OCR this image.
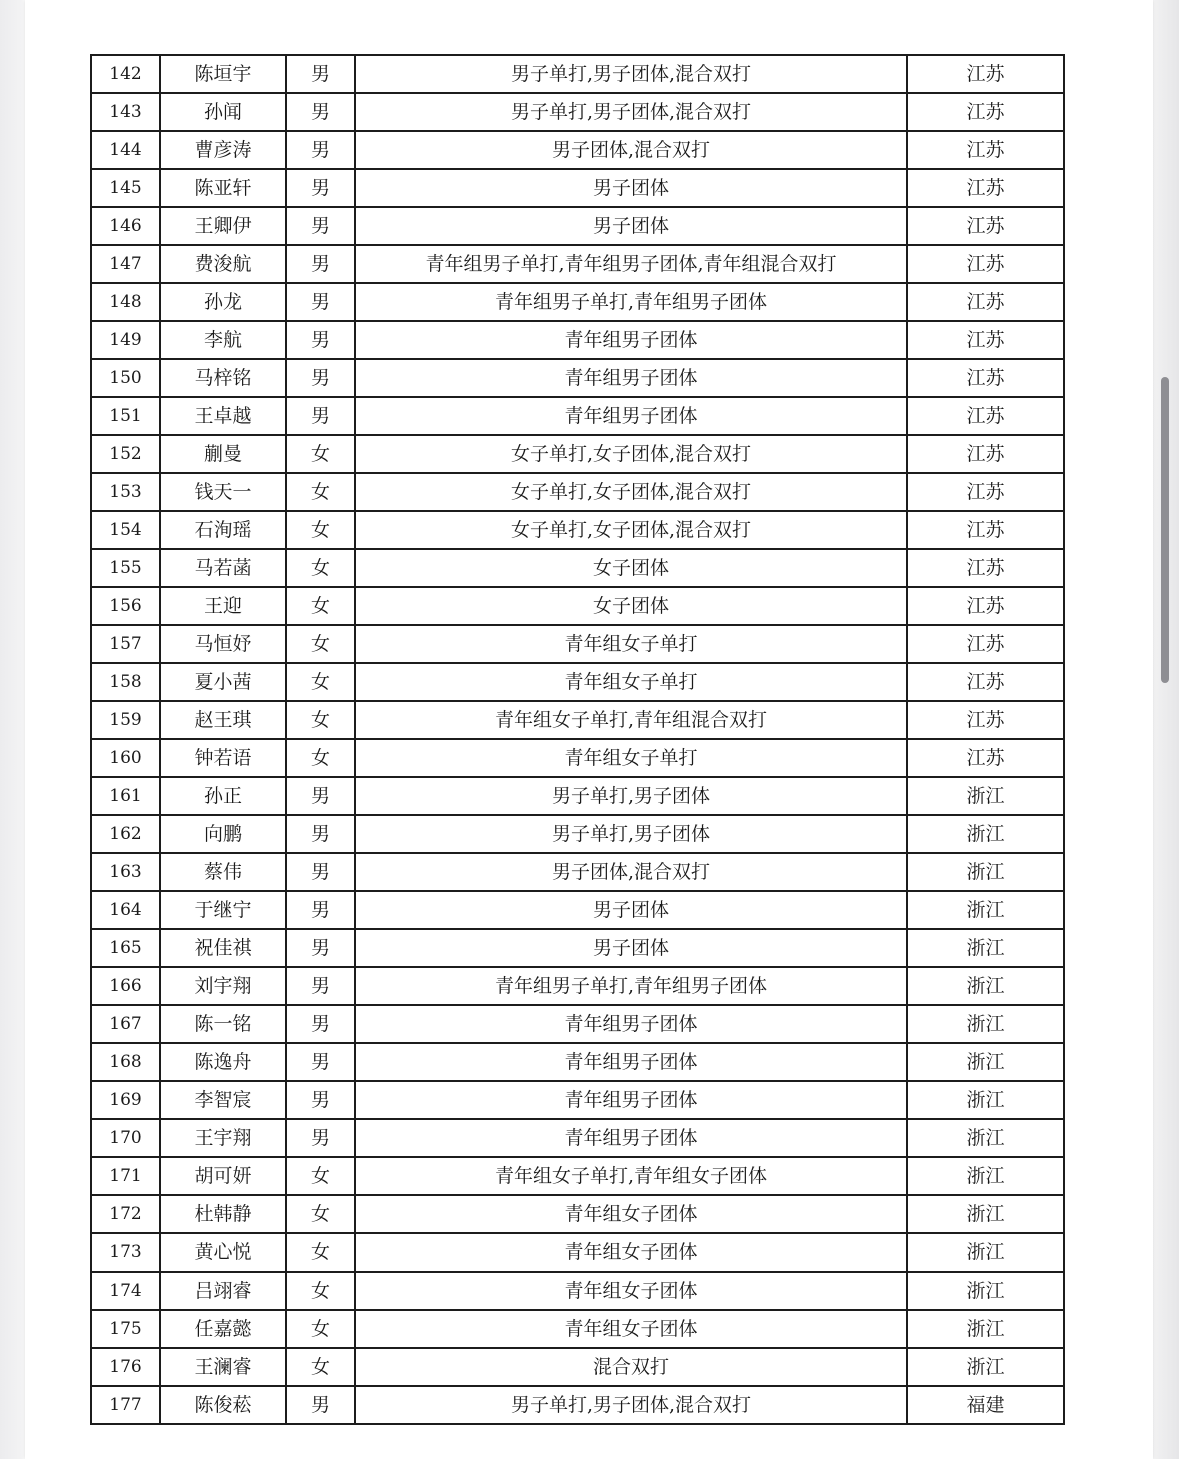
142	陈垣宇	男	男子单打,男子团体,混合双打	江苏
143	孙闻	男	男子单打,男子团体,混合双打	江苏
144	曹彦涛	男	男子团体,混合双打	江苏
145	陈亚轩	男	男子团体	江苏
146	王卿伊	男	男子团体	江苏
147	费浚航	男	青年组男子单打,青年组男子团体,青年组混合双打	江苏
148	孙龙	男	青年组男子单打,青年组男子团体	江苏
149	李航	男	青年组男子团体	江苏
150	马梓铭	男	青年组男子团体	江苏
151	王卓越	男	青年组男子团体	江苏
152	蒯曼	女	女子单打,女子团体,混合双打	江苏
153	钱天一	女	女子单打,女子团体,混合双打	江苏
154	石洵瑶	女	女子单打,女子团体,混合双打	江苏
155	马若菡	女	女子团体	江苏
156	王迎	女	女子团体	江苏
157	马恒妤	女	青年组女子单打	江苏
158	夏小茜	女	青年组女子单打	江苏
159	赵王琪	女	青年组女子单打,青年组混合双打	江苏
160	钟若语	女	青年组女子单打	江苏
161	孙正	男	男子单打,男子团体	浙江
162	向鹏	男	男子单打,男子团体	浙江
163	蔡伟	男	男子团体,混合双打	浙江
164	于继宁	男	男子团体	浙江
165	祝佳祺	男	男子团体	浙江
166	刘宇翔	男	青年组男子单打,青年组男子团体	浙江
167	陈一铭	男	青年组男子团体	浙江
168	陈逸舟	男	青年组男子团体	浙江
169	李智宸	男	青年组男子团体	浙江
170	王宇翔	男	青年组男子团体	浙江
171	胡可妍	女	青年组女子单打,青年组女子团体	浙江
172	杜韩静	女	青年组女子团体	浙江
173	黄心悦	女	青年组女子团体	浙江
174	吕翊睿	女	青年组女子团体	浙江
175	任嘉懿	女	青年组女子团体	浙江
176	王澜睿	女	混合双打	浙江
177	陈俊菘	男	男子单打,男子团体,混合双打	福建
